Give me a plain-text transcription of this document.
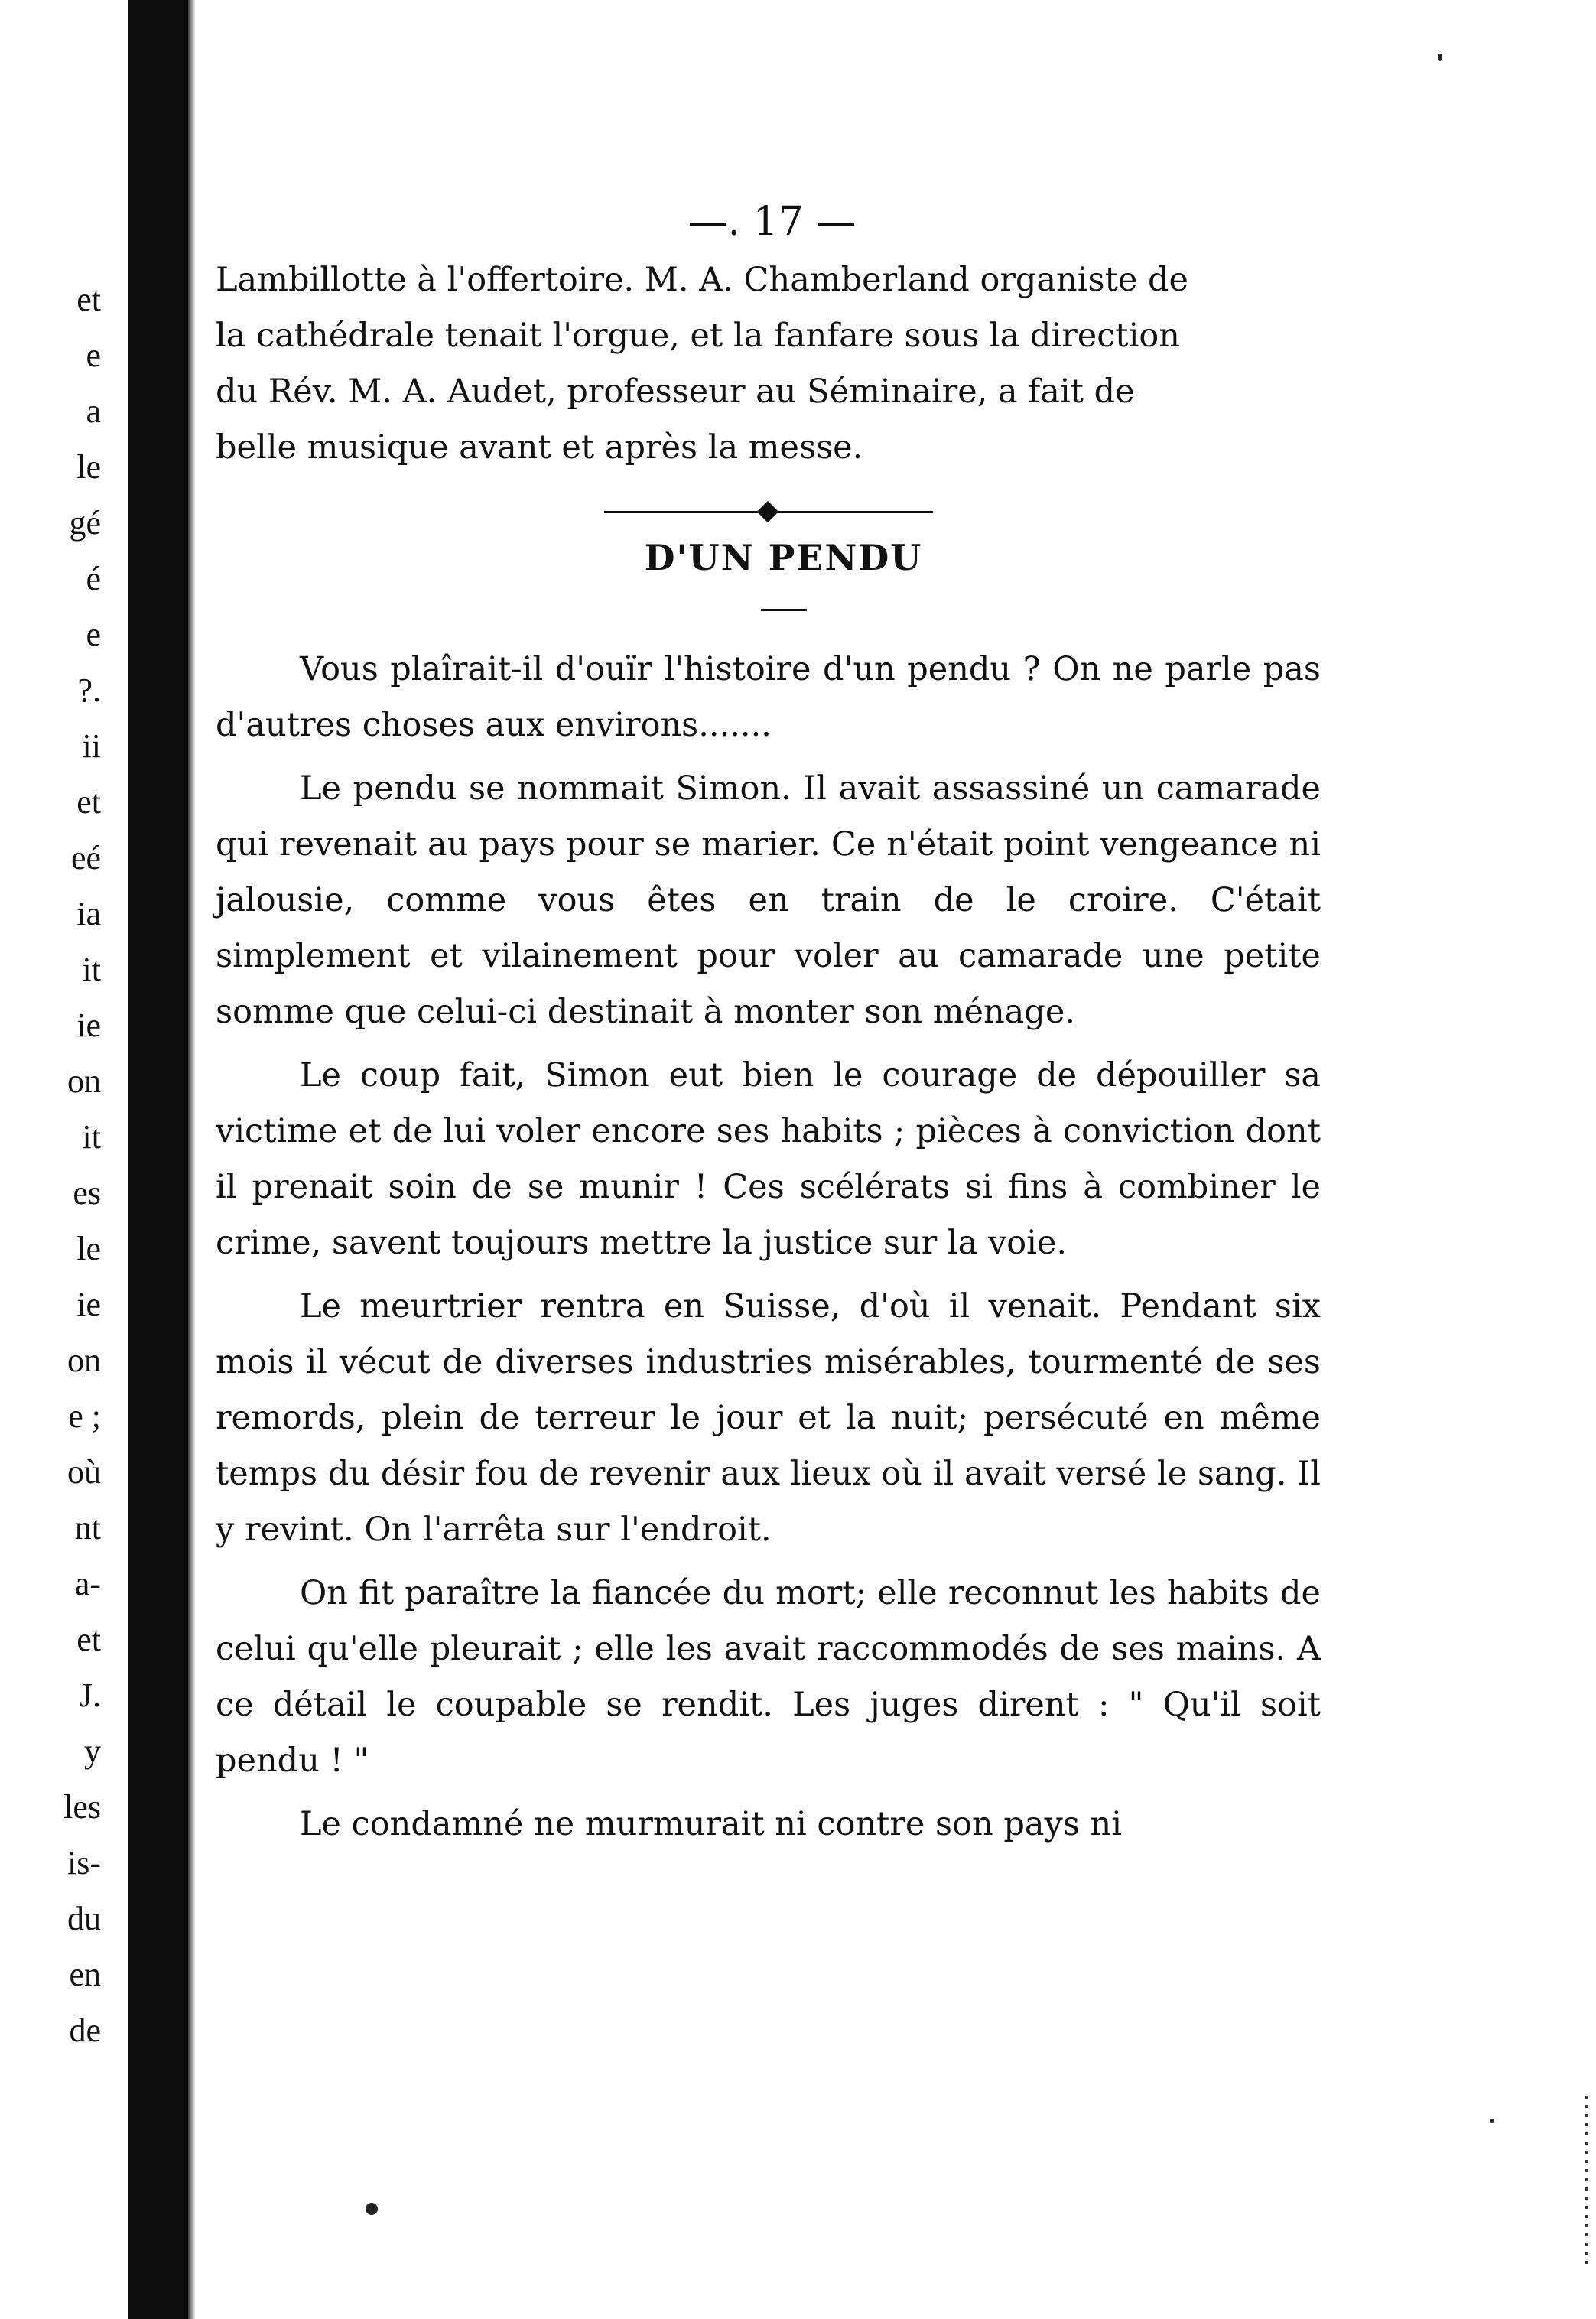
et
e
a
le
gé
é
e
?.
ii
et
eé
ia
it
ie
on
it
es
le
ie
on
e ;
où
nt
a-
et
J.
y
les
is-
du
en
de
—. 17 —

Lambillotte à l'offertoire. M. A. Chamberland organiste de

la cathédrale tenait l'orgue, et la fanfare sous la direction

du Rév. M. A. Audet, professeur au Séminaire, a fait de

belle musique avant et après la messe.

D'UN PENDU

Vous plaîrait-il d'ouïr l'histoire d'un pendu ? On ne parle pas d'autres choses aux environs.......

Le pendu se nommait Simon. Il avait assassiné un camarade qui revenait au pays pour se marier. Ce n'était point vengeance ni jalousie, comme vous êtes en train de le croire. C'était simplement et vilainement pour voler au camarade une petite somme que celui-ci destinait à monter son ménage.

Le coup fait, Simon eut bien le courage de dépouiller sa victime et de lui voler encore ses habits ; pièces à conviction dont il prenait soin de se munir ! Ces scélérats si fins à combiner le crime, savent toujours mettre la justice sur la voie.

Le meurtrier rentra en Suisse, d'où il venait. Pendant six mois il vécut de diverses industries misérables, tourmenté de ses remords, plein de terreur le jour et la nuit; persécuté en même temps du désir fou de revenir aux lieux où il avait versé le sang. Il y revint. On l'arrêta sur l'endroit.

On fit paraître la fiancée du mort; elle reconnut les habits de celui qu'elle pleurait ; elle les avait raccommodés de ses mains. A ce détail le coupable se rendit. Les juges dirent : " Qu'il soit pendu ! "

Le condamné ne murmurait ni contre son pays ni
